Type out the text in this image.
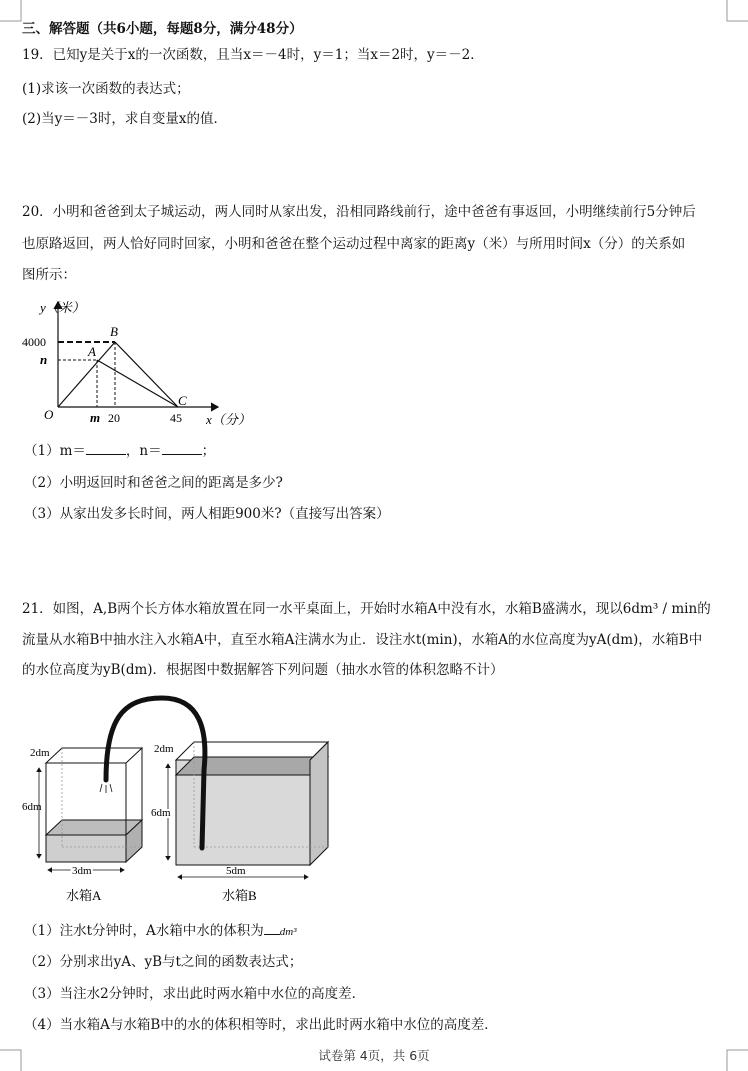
三、解答题（共6小题，每题8分，满分48分）
19．已知y是关于x的一次函数，且当x＝－4时，y＝1；当x＝2时，y＝－2．
(1)求该一次函数的表达式；
(2)当y＝－3时，求自变量x的值．
20．小明和爸爸到太子城运动，两人同时从家出发，沿相同路线前行，途中爸爸有事返回，小明继续前行5分钟后
也原路返回，两人恰好同时回家，小明和爸爸在整个运动过程中离家的距离y（米）与所用时间x（分）的关系如
图所示：
y（米）
4000
n
O	m 20	45 x（分）
A
B
C
（1）m＝	，n＝	；
（2）小明返回时和爸爸之间的距离是多少?
（3）从家出发多长时间，两人相距900米?（直接写出答案）
21．如图，A,B两个长方体水箱放置在同一水平桌面上，开始时水箱A中没有水，水箱B盛满水，现以6dm³ / min的
流量从水箱B中抽水注入水箱A中，直至水箱A注满水为止．设注水t(min)，水箱A的水位高度为yA(dm)，水箱B中
的水位高度为yB(dm)．根据图中数据解答下列问题（抽水水管的体积忽略不计）
2dm
6dm
3dm
水箱A
2dm
6dm
5dm
水箱B
（1）注水t分钟时，A水箱中水的体积为 dm³
（2）分别求出yA、yB与t之间的函数表达式；
（3）当注水2分钟时，求出此时两水箱中水位的高度差．
（4）当水箱A与水箱B中的水的体积相等时，求出此时两水箱中水位的高度差．
试卷第 4页，共 6页
